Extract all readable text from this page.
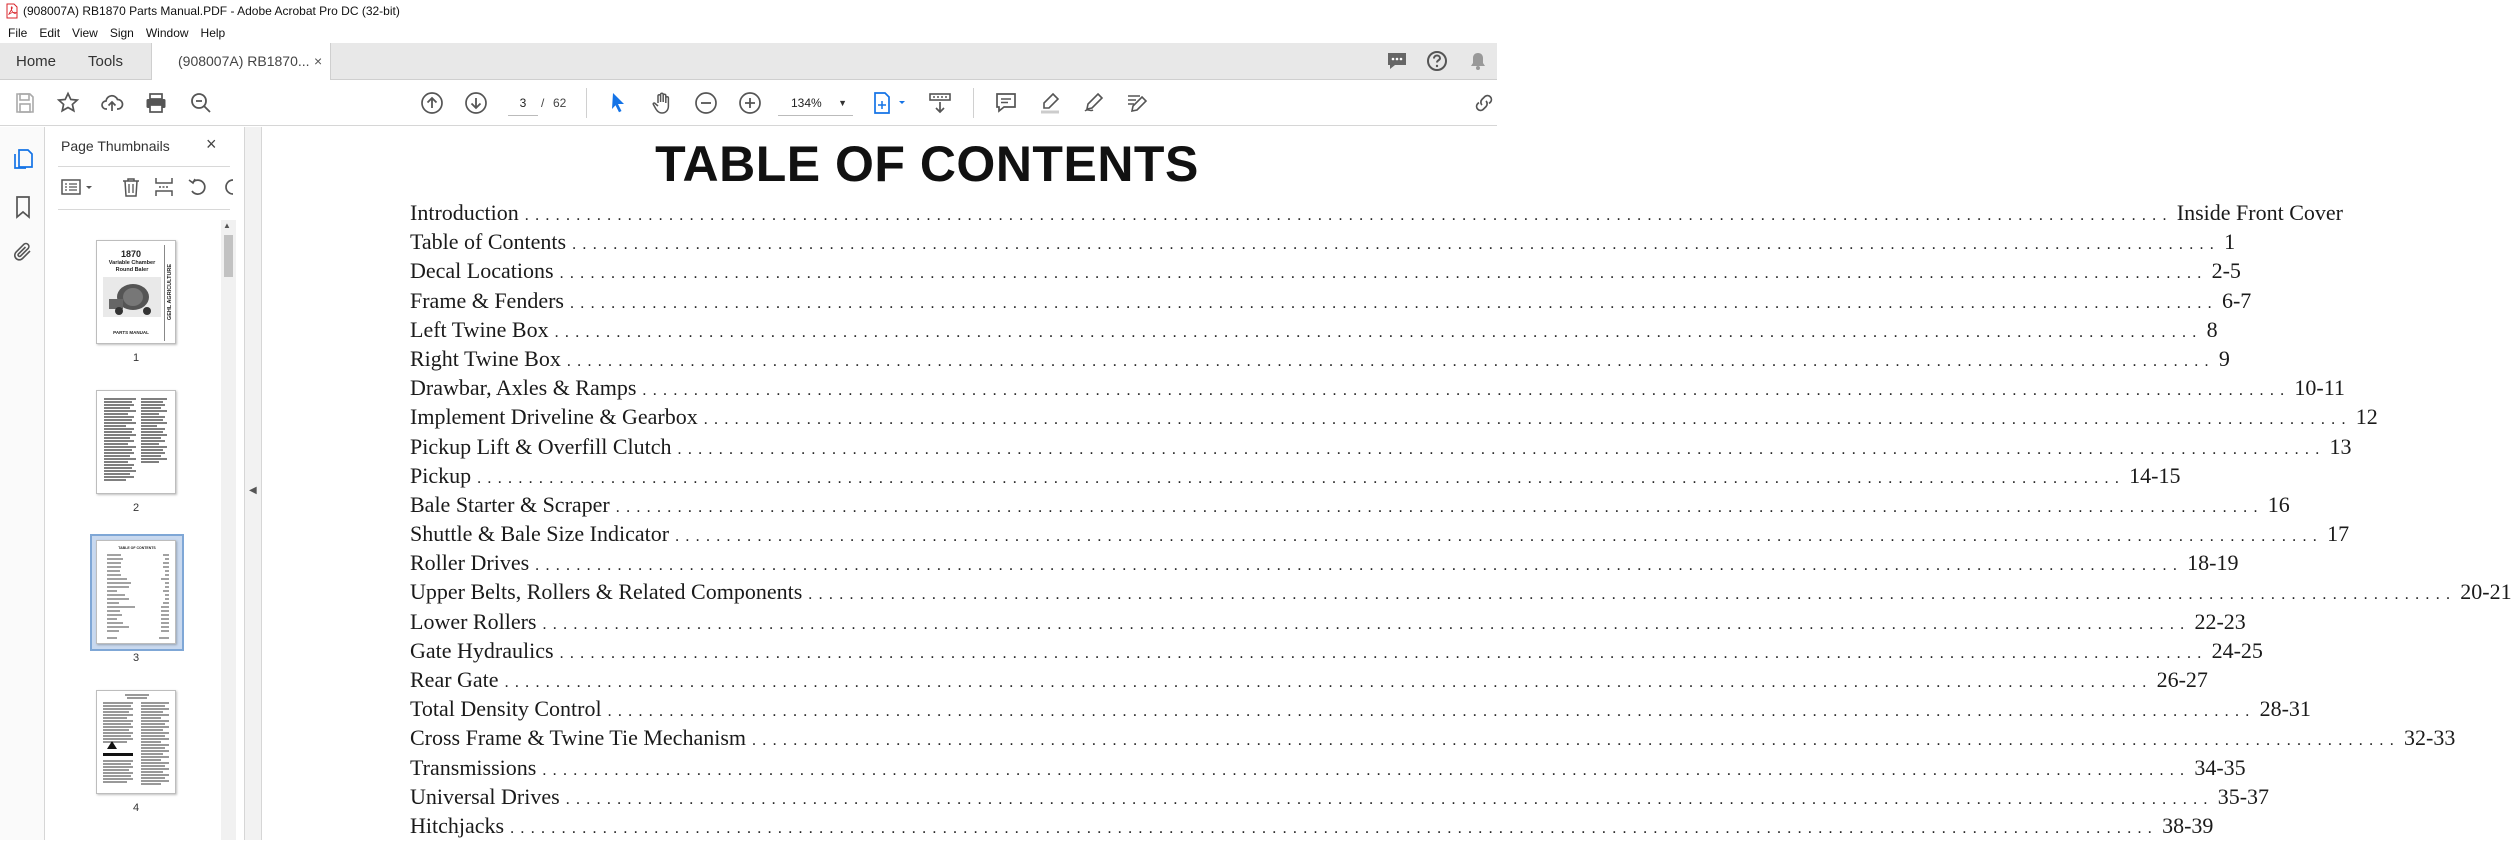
(908007A) RB1870 Parts Manual.PDF - Adobe Acrobat Pro DC (32-bit)
File	Edit	View	Sign	Window	Help
Home Tools	(908007A) RB1870... ×
3	/ 62	134% ▼
Page Thumbnails ×
▲
1870
Variable Chamber Round Baler	GEHL AGRICULTURE
PARTS MANUAL
1
2
TABLE OF CONTENTS
3
4
◀
TABLE OF CONTENTS
Introduction ................................................................................................................................................................ Inside Front Cover
Table of Contents ................................................................................................................................................................ 1
Decal Locations ................................................................................................................................................................ 2-5
Frame & Fenders ................................................................................................................................................................ 6-7
Left Twine Box ................................................................................................................................................................ 8
Right Twine Box ................................................................................................................................................................ 9
Drawbar, Axles & Ramps ................................................................................................................................................................ 10-11
Implement Driveline & Gearbox ................................................................................................................................................................ 12
Pickup Lift & Overfill Clutch ................................................................................................................................................................ 13
Pickup ................................................................................................................................................................ 14-15
Bale Starter & Scraper ................................................................................................................................................................ 16
Shuttle & Bale Size Indicator ................................................................................................................................................................ 17
Roller Drives ................................................................................................................................................................ 18-19
Upper Belts, Rollers & Related Components ................................................................................................................................................................ 20-21
Lower Rollers ................................................................................................................................................................ 22-23
Gate Hydraulics ................................................................................................................................................................ 24-25
Rear Gate ................................................................................................................................................................ 26-27
Total Density Control ................................................................................................................................................................ 28-31
Cross Frame & Twine Tie Mechanism ................................................................................................................................................................ 32-33
Transmissions ................................................................................................................................................................ 34-35
Universal Drives ................................................................................................................................................................ 35-37
Hitchjacks ................................................................................................................................................................ 38-39
